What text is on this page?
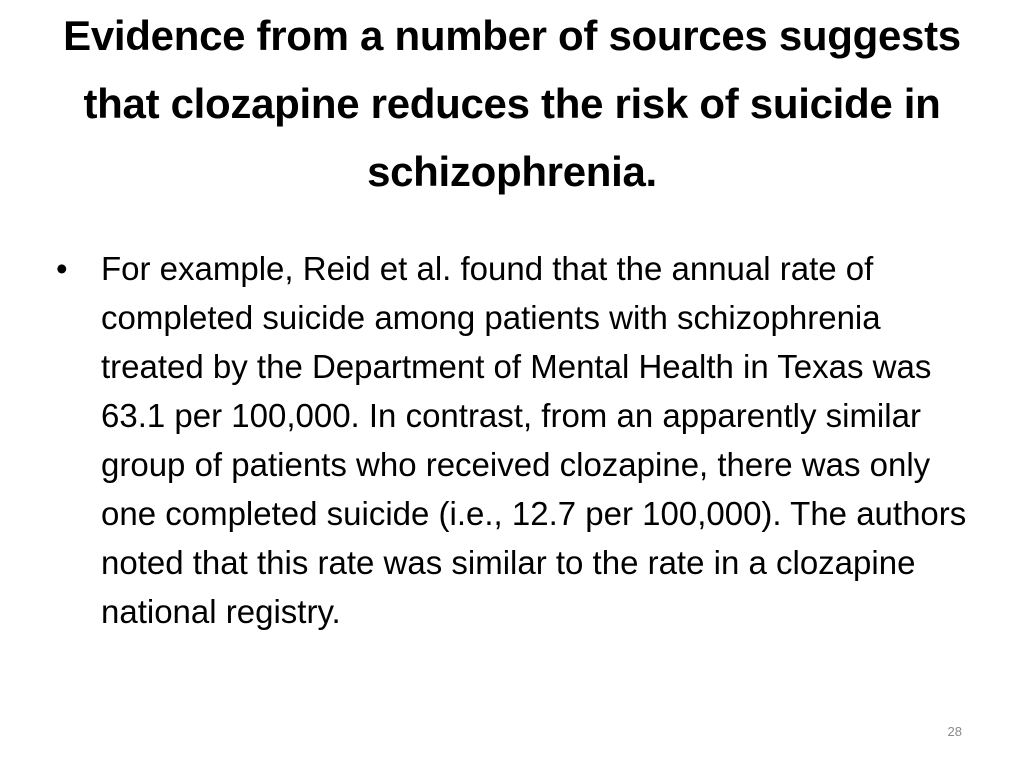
Evidence from a number of sources suggests that clozapine reduces the risk of suicide in schizophrenia.
•	For example, Reid et al. found that the annual rate of completed suicide among patients with schizophrenia treated by the Department of Mental Health in Texas was 63.1 per 100,000. In contrast, from an apparently similar group of patients who received clozapine, there was only one completed suicide (i.e., 12.7 per 100,000). The authors noted that this rate was similar to the rate in a clozapine national registry.
28
